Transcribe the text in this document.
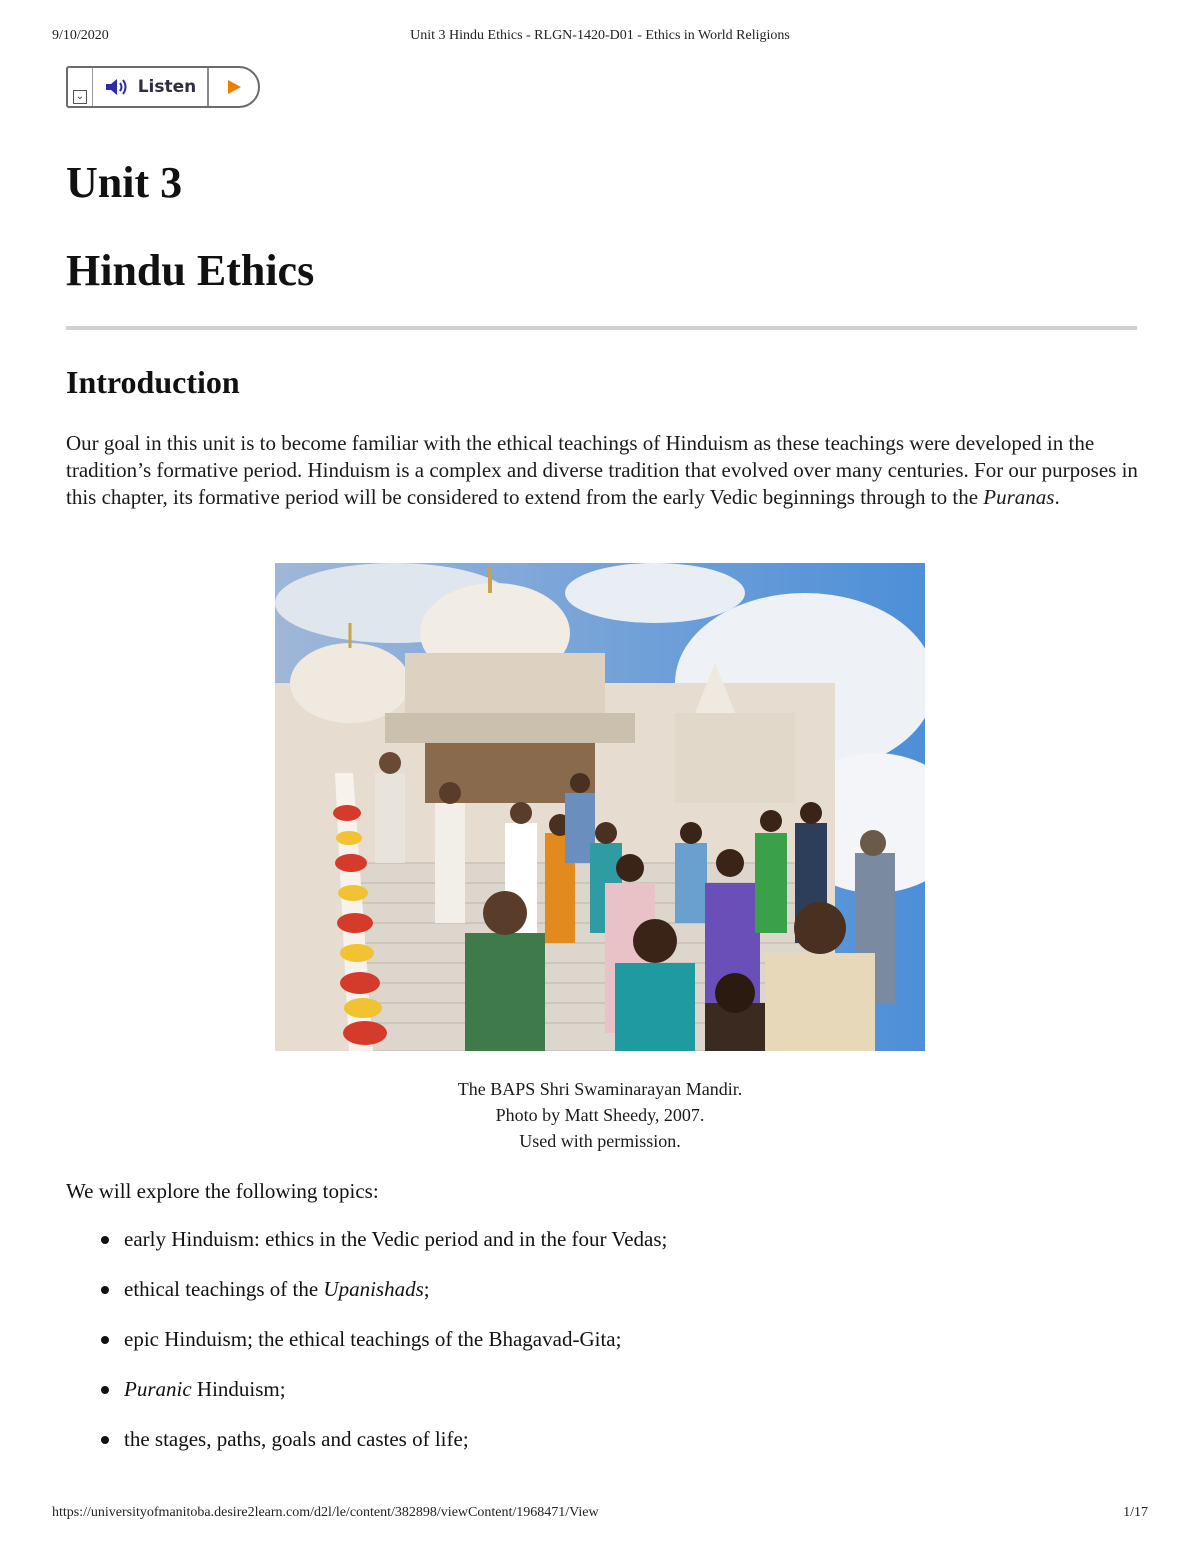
9/10/2020	Unit 3 Hindu Ethics - RLGN-1420-D01 - Ethics in World Religions
⌄	Listen
Unit 3
Hindu Ethics
Introduction

Our goal in this unit is to become familiar with the ethical teachings of Hinduism as these teachings were developed in the tradition’s formative period. Hinduism is a complex and diverse tradition that evolved over many centuries. For our purposes in this chapter, its formative period will be considered to extend from the early Vedic beginnings through to the Puranas.

The BAPS Shri Swaminarayan Mandir.
Photo by Matt Sheedy, 2007.
Used with permission.

We will explore the following topics:

early Hinduism: ethics in the Vedic period and in the four Vedas;
ethical teachings of the Upanishads;
epic Hinduism; the ethical teachings of the Bhagavad-Gita;
Puranic Hinduism;
the stages, paths, goals and castes of life;
https://universityofmanitoba.desire2learn.com/d2l/le/content/382898/viewContent/1968471/View	1/17
